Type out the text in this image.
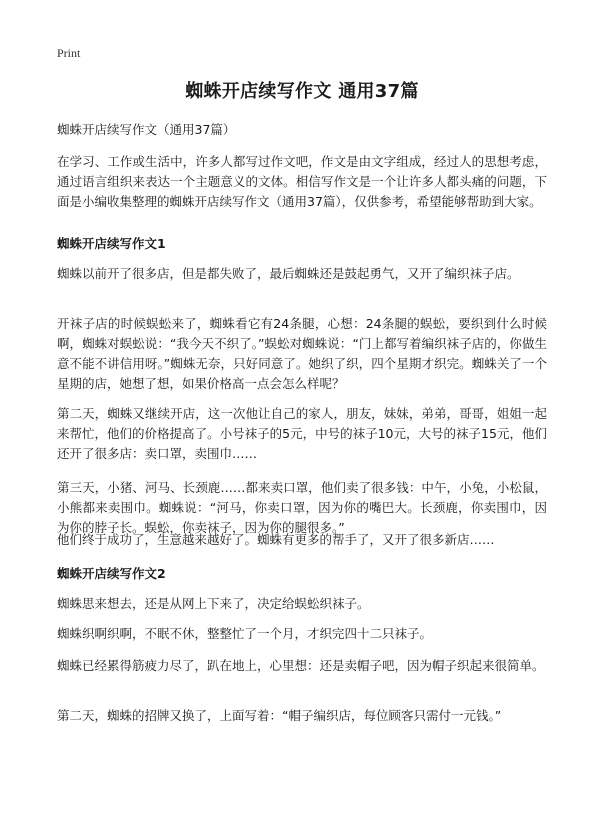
Print
蜘蛛开店续写作文 通用37篇
蜘蛛开店续写作文（通用37篇）
在学习、工作或生活中，许多人都写过作文吧，作文是由文字组成，经过人的思想考虑，通过语言组织来表达一个主题意义的文体。相信写作文是一个让许多人都头痛的问题，下面是小编收集整理的蜘蛛开店续写作文（通用37篇），仅供参考，希望能够帮助到大家。
蜘蛛开店续写作文1
蜘蛛以前开了很多店，但是都失败了，最后蜘蛛还是鼓起勇气，又开了编织袜子店。
开袜子店的时候蜈蚣来了，蜘蛛看它有24条腿，心想：24条腿的蜈蚣，要织到什么时候啊，蜘蛛对蜈蚣说：“我今天不织了。”蜈蚣对蜘蛛说：“门上都写着编织袜子店的，你做生意不能不讲信用呀。”蜘蛛无奈，只好同意了。她织了织，四个星期才织完。蜘蛛关了一个星期的店，她想了想，如果价格高一点会怎么样呢？
第二天，蜘蛛又继续开店，这一次他让自己的家人，朋友，妹妹，弟弟，哥哥，姐姐一起来帮忙，他们的价格提高了。小号袜子的5元，中号的袜子10元，大号的袜子15元，他们还开了很多店：卖口罩，卖围巾……
第三天，小猪、河马、长颈鹿……都来卖口罩，他们卖了很多钱：中午，小兔，小松鼠，小熊都来卖围巾。蜘蛛说：“河马，你卖口罩，因为你的嘴巴大。长颈鹿，你卖围巾，因为你的脖子长。蜈蚣，你卖袜子，因为你的腿很多。”
他们终于成功了，生意越来越好了。蜘蛛有更多的帮手了，又开了很多新店……
蜘蛛开店续写作文2
蜘蛛思来想去，还是从网上下来了，决定给蜈蚣织袜子。
蜘蛛织啊织啊，不眠不休，整整忙了一个月，才织完四十二只袜子。
蜘蛛已经累得筋疲力尽了，趴在地上，心里想：还是卖帽子吧，因为帽子织起来很简单。
第二天，蜘蛛的招牌又换了，上面写着：“帽子编织店，每位顾客只需付一元钱。”
